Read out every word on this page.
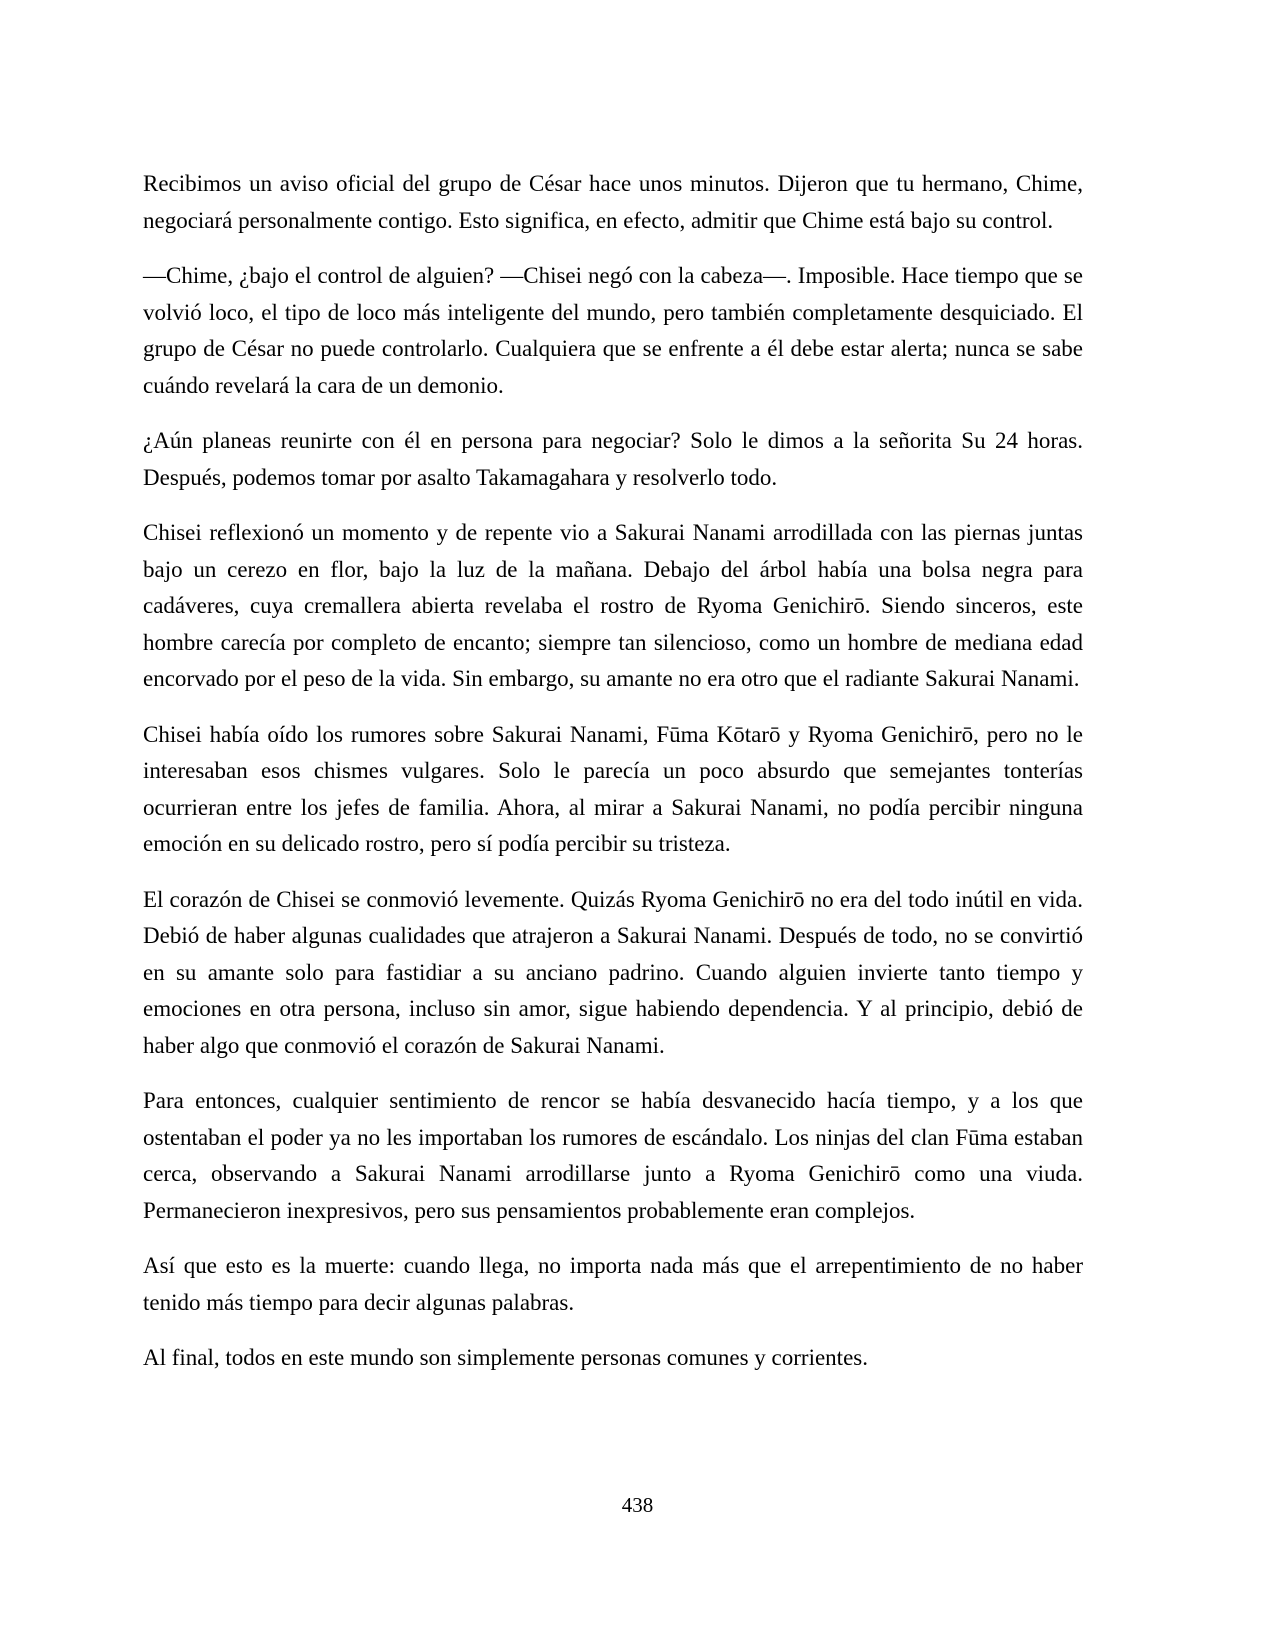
Recibimos un aviso oficial del grupo de César hace unos minutos. Dijeron que tu hermano, Chime, negociará personalmente contigo. Esto significa, en efecto, admitir que Chime está bajo su control.

—Chime, ¿bajo el control de alguien? —Chisei negó con la cabeza—. Imposible. Hace tiempo que se volvió loco, el tipo de loco más inteligente del mundo, pero también completamente desquiciado. El grupo de César no puede controlarlo. Cualquiera que se enfrente a él debe estar alerta; nunca se sabe cuándo revelará la cara de un demonio.

¿Aún planeas reunirte con él en persona para negociar? Solo le dimos a la señorita Su 24 horas. Después, podemos tomar por asalto Takamagahara y resolverlo todo.

Chisei reflexionó un momento y de repente vio a Sakurai Nanami arrodillada con las piernas juntas bajo un cerezo en flor, bajo la luz de la mañana. Debajo del árbol había una bolsa negra para cadáveres, cuya cremallera abierta revelaba el rostro de Ryoma Genichirō. Siendo sinceros, este hombre carecía por completo de encanto; siempre tan silencioso, como un hombre de mediana edad encorvado por el peso de la vida. Sin embargo, su amante no era otro que el radiante Sakurai Nanami.

Chisei había oído los rumores sobre Sakurai Nanami, Fūma Kōtarō y Ryoma Genichirō, pero no le interesaban esos chismes vulgares. Solo le parecía un poco absurdo que semejantes tonterías ocurrieran entre los jefes de familia. Ahora, al mirar a Sakurai Nanami, no podía percibir ninguna emoción en su delicado rostro, pero sí podía percibir su tristeza.

El corazón de Chisei se conmovió levemente. Quizás Ryoma Genichirō no era del todo inútil en vida. Debió de haber algunas cualidades que atrajeron a Sakurai Nanami. Después de todo, no se convirtió en su amante solo para fastidiar a su anciano padrino. Cuando alguien invierte tanto tiempo y emociones en otra persona, incluso sin amor, sigue habiendo dependencia. Y al principio, debió de haber algo que conmovió el corazón de Sakurai Nanami.

Para entonces, cualquier sentimiento de rencor se había desvanecido hacía tiempo, y a los que ostentaban el poder ya no les importaban los rumores de escándalo. Los ninjas del clan Fūma estaban cerca, observando a Sakurai Nanami arrodillarse junto a Ryoma Genichirō como una viuda. Permanecieron inexpresivos, pero sus pensamientos probablemente eran complejos.

Así que esto es la muerte: cuando llega, no importa nada más que el arrepentimiento de no haber tenido más tiempo para decir algunas palabras.

Al final, todos en este mundo son simplemente personas comunes y corrientes.

438
